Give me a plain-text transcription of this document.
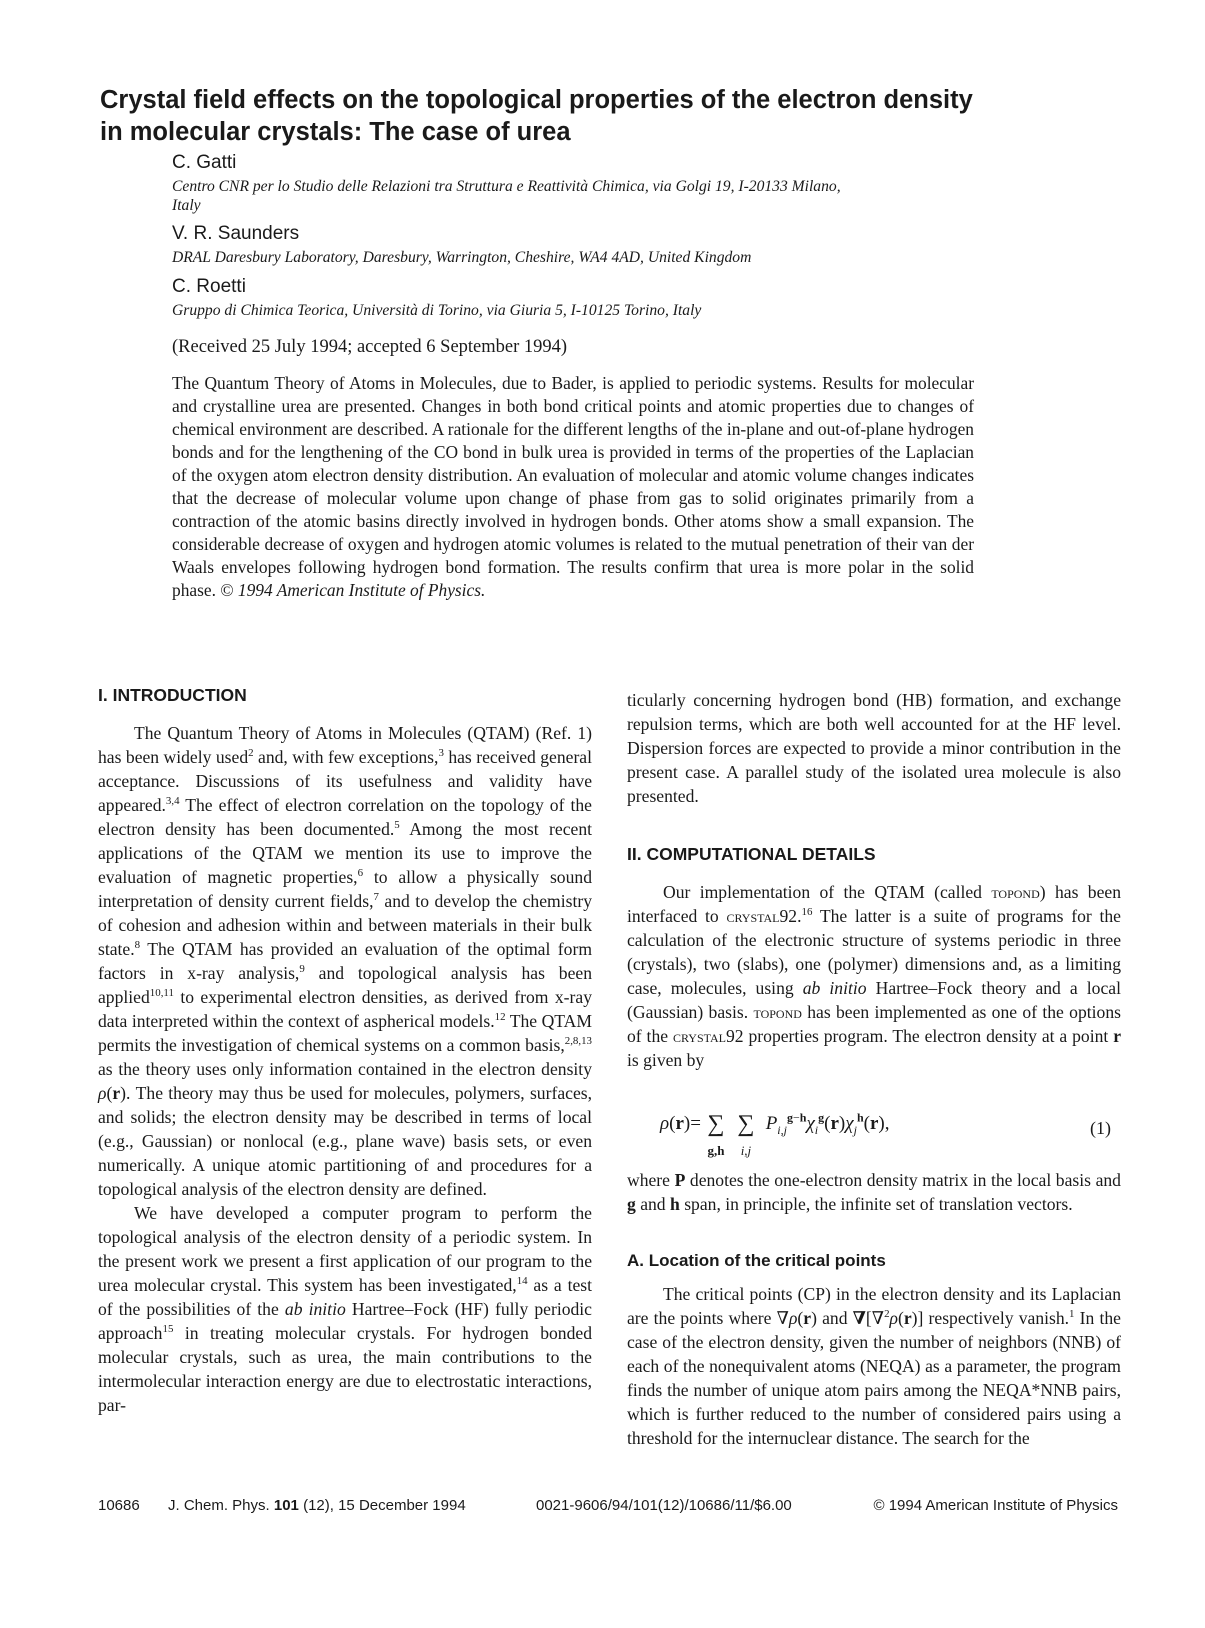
Crystal field effects on the topological properties of the electron density
in molecular crystals: The case of urea
C. Gatti
Centro CNR per lo Studio delle Relazioni tra Struttura e Reattività Chimica, via Golgi 19, I-20133 Milano,
Italy
V. R. Saunders
DRAL Daresbury Laboratory, Daresbury, Warrington, Cheshire, WA4 4AD, United Kingdom
C. Roetti
Gruppo di Chimica Teorica, Università di Torino, via Giuria 5, I-10125 Torino, Italy
(Received 25 July 1994; accepted 6 September 1994)
The Quantum Theory of Atoms in Molecules, due to Bader, is applied to periodic systems. Results for molecular and crystalline urea are presented. Changes in both bond critical points and atomic properties due to changes of chemical environment are described. A rationale for the different lengths of the in-plane and out-of-plane hydrogen bonds and for the lengthening of the CO bond in bulk urea is provided in terms of the properties of the Laplacian of the oxygen atom electron density distribution. An evaluation of molecular and atomic volume changes indicates that the decrease of molecular volume upon change of phase from gas to solid originates primarily from a contraction of the atomic basins directly involved in hydrogen bonds. Other atoms show a small expansion. The considerable decrease of oxygen and hydrogen atomic volumes is related to the mutual penetration of their van der Waals envelopes following hydrogen bond formation. The results confirm that urea is more polar in the solid phase. © 1994 American Institute of Physics.
I. INTRODUCTION

The Quantum Theory of Atoms in Molecules (QTAM) (Ref. 1) has been widely used$^2$ and, with few exceptions,$^3$ has received general acceptance. Discussions of its usefulness and validity have appeared.$^{3,4}$ The effect of electron correlation on the topology of the electron density has been documented.$^5$ Among the most recent applications of the QTAM we mention its use to improve the evaluation of magnetic properties,$^6$ to allow a physically sound interpretation of density current fields,$^7$ and to develop the chemistry of cohesion and adhesion within and between materials in their bulk state.$^8$ The QTAM has provided an evaluation of the optimal form factors in x-ray analysis,$^9$ and topological analysis has been applied$^{10,11}$ to experimental electron densities, as derived from x-ray data interpreted within the context of aspherical models.$^{12}$ The QTAM permits the investigation of chemical systems on a common basis,$^{2,8,13}$ as the theory uses only information contained in the electron density ρ(r). The theory may thus be used for molecules, polymers, surfaces, and solids; the electron density may be described in terms of local (e.g., Gaussian) or nonlocal (e.g., plane wave) basis sets, or even numerically. A unique atomic partitioning of and procedures for a topological analysis of the electron density are defined.

We have developed a computer program to perform the topological analysis of the electron density of a periodic system. In the present work we present a first application of our program to the urea molecular crystal. This system has been investigated,$^{14}$ as a test of the possibilities of the ab initio Hartree–Fock (HF) fully periodic approach$^{15}$ in treating molecular crystals. For hydrogen bonded molecular crystals, such as urea, the main contributions to the intermolecular interaction energy are due to electrostatic interactions, par-

ticularly concerning hydrogen bond (HB) formation, and exchange repulsion terms, which are both well accounted for at the HF level. Dispersion forces are expected to provide a minor contribution in the present case. A parallel study of the isolated urea molecule is also presented.

II. COMPUTATIONAL DETAILS

Our implementation of the QTAM (called topond) has been interfaced to crystal92.16 The latter is a suite of programs for the calculation of the electronic structure of systems periodic in three (crystals), two (slabs), one (polymer) dimensions and, as a limiting case, molecules, using ab initio Hartree–Fock theory and a local (Gaussian) basis. topond has been implemented as one of the options of the crystal92 properties program. The electron density at a point r is given by

ρ(r)= ∑
g,h∑
i,j $P_{i,j}^{g-h}\chi_i^g(r)\chi_j^h(r)$,	(1)

where P denotes the one-electron density matrix in the local basis and g and h span, in principle, the infinite set of translation vectors.

A. Location of the critical points

The critical points (CP) in the electron density and its Laplacian are the points where ∇ρ(r) and ∇[∇$^2$ρ(r)] respectively vanish.$^1$ In the case of the electron density, given the number of neighbors (NNB) of each of the nonequivalent atoms (NEQA) as a parameter, the program finds the number of unique atom pairs among the NEQA*NNB pairs, which is further reduced to the number of considered pairs using a threshold for the internuclear distance. The search for the

10686 J. Chem. Phys. 101 (12), 15 December 1994	0021-9606/94/101(12)/10686/11/$6.00	© 1994 American Institute of Physics
